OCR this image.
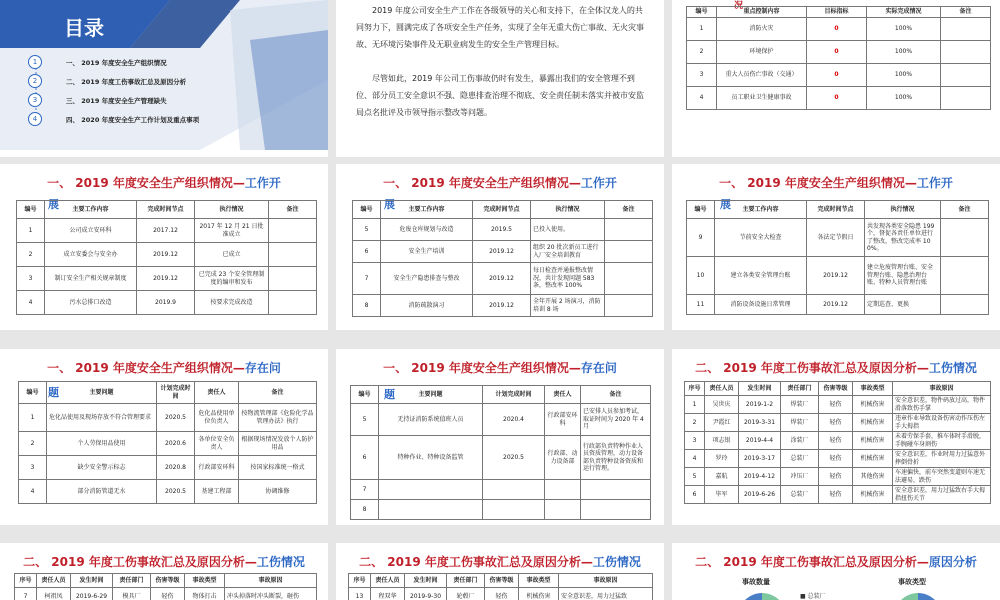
目录
1	一、 2019 年度安全生产组织情况
2	二、 2019 年度工伤事故汇总及原因分析
3	三、 2019 年度安全生产管理缺失
4	四、 2020 年度安全生产工作计划及重点事项
2019 年度公司安全生产工作在各级领导的关心和支持下，在全体汉龙人的共同努力下，圆满完成了各项安全生产任务，实现了全年无重大伤亡事故、无火灾事故、无环境污染事件及无职业病发生的安全生产管理目标。
尽管如此，2019 年公司工伤事故仍时有发生，暴露出我们的安全管理不到位、部分员工安全意识不强、隐患排查治理不彻底、安全责任制未落实并被市安监局点名批评及市领导指示整改等问题。
况
编号	重点控制内容	目标指标	实际完成情况	备注
1	消防火灾	0	100%	
2	环境保护	0	100%	
3	重大人员伤亡事故（交通）	0	100%	
4	员工职业卫生健康事故	0	100%	
一、 2019 年度安全生产组织情况—工作开
展
编号	主要工作内容	完成时间节点	执行情况	备注
1	公司成立安环科	2017.12	2017 年 12 月 21 日批准成立	
2	成立安委会与安全办	2019.12	已成立	
3	制订安全生产相关规章制度	2019.12	已完成 23 个安全管理制度的编审和发布	
4	污水总排口改造	2019.9	按要求完成改造	
一、 2019 年度安全生产组织情况—工作开
展
编号	主要工作内容	完成时间节点	执行情况	备注
5	危废仓库规划与改造	2019.5	已投入使用。	
6	安全生产培训	2019.12	组织 20 批次新员工进行入厂安全培训教育	
7	安全生产隐患排查与整改	2019.12	每日检查并通报整改情况，共计发现问题 583 条，整改率 100%	
8	消防疏散演习	2019.12	全年开展 2 场演习，消防培训 8 场	
一、 2019 年度安全生产组织情况—工作开
展
编号	主要工作内容	完成时间节点	执行情况	备注
9	节前安全大检查	各法定节假日	共发现各类安全隐患 199 个，督促各责任单位进行了整改，整改完成率 100%。	
10	建立各类安全管理台账	2019.12	建立危废管理台账、安全管理台账、隐患治理台账、特种人员管理台账	
11	消防设备设施日常管理	2019.12	定期巡查、更换	
一、 2019 年度安全生产组织情况—存在问
题
编号	主要问题	计划完成时间	责任人	备注
1	危化品使用及现场存放不符合管理要求	2020.5	危化品使用单位负责人	按物流管理部《危险化学品管理办法》执行
2	个人劳保用品使用	2020.6	各单位安全负责人	根据现场情况发放个人防护用品
3	缺少安全警示标志	2020.8	行政部安环科	按国家标准统一格式
4	部分消防管道无水	2020.5	基建工程部	协调维修
一、 2019 年度安全生产组织情况—存在问
题
编号	主要问题	计划完成时间	责任人	备注
5	无持证消防系统值班人员	2020.4	行政部安环科	已安排人员参加考试，取证时间为 2020 年 4 月
6	特种作业、特种设备监管	2020.5	行政部、动力设备部	行政部负责特种作业人员资质管理，动力设备部负责特种设备资质和运行管理。
7				
8				
二、 2019 年度工伤事故汇总及原因分析—工伤情况
序号	责任人员	发生时间	责任部门	伤害等级	事故类型	事故原因
1	吴世庆	2019-1-2	焊装厂	轻伤	机械伤害	安全意识差，物件码放过高，物件滑落致伤手掌
2	尹霞红	2019-3-31	焊装厂	轻伤	机械伤害	违章作业导致设备伤害动作压伤左手大拇指
3	项志银	2019-4-4	涂装厂	轻伤	机械伤害	未着劳保手套，推车体时手滑脱，手腕碰车身割伤
4	罗玲	2019-3-17	总装厂	轻伤	机械伤害	安全意识差，作业时用力过猛意外摔倒骨折
5	嘉航	2019-4-12	冲压厂	轻伤	其他伤害	车速偏快，前车突然变道则车速无法避易，跌伤
6	毕军	2019-6-26	总装厂	轻伤	机械伤害	安全意识差，用力过猛致右手大拇指扭伤关节
二、 2019 年度工伤事故汇总及原因分析—工伤情况
序号	责任人员	发生时间	责任部门	伤害等级	事故类型	事故原因
7	柯祖凤	2019-6-29	模具厂	轻伤	物体打击	冲头掉落时冲头断裂，砸伤
二、 2019 年度工伤事故汇总及原因分析—工伤情况
序号	责任人员	发生时间	责任部门	伤害等级	事故类型	事故原因
13	程双华	2019-9-30	轮毂厂	轻伤	机械伤害	安全意识差，用力过猛致
二、 2019 年度工伤事故汇总及原因分析—原因分析
事故数量	事故类型
■ 总装厂
